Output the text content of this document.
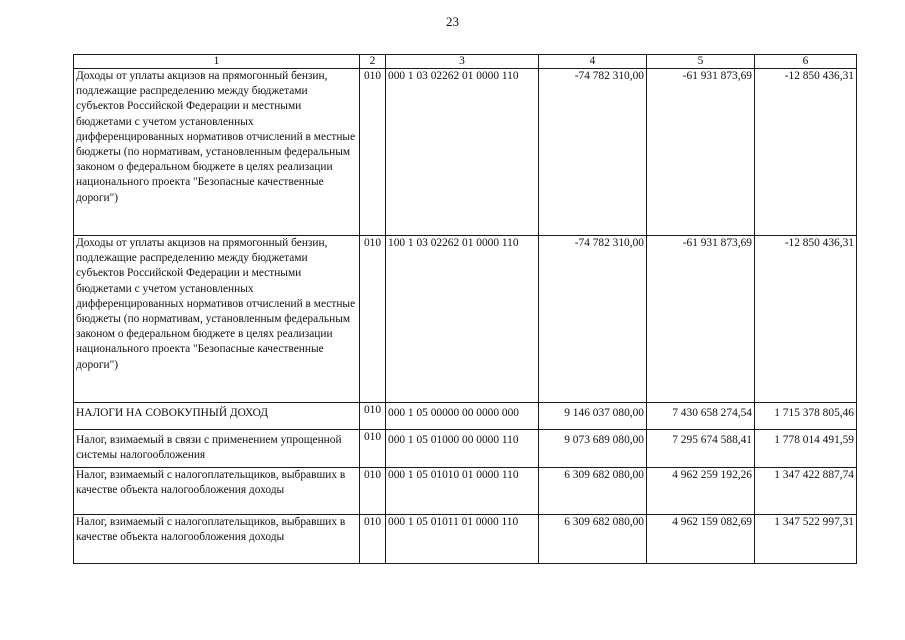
23
1	2	3	4	5	6
Доходы от уплаты акцизов на прямогонный бензин, подлежащие распределению между бюджетами субъектов Российской Федерации и местными бюджетами с учетом установленных дифференцированных нормативов отчислений в местные бюджеты (по нормативам, установленным федеральным законом о федеральном бюджете в целях реализации национального проекта "Безопасные качественные дороги")	010	000 1 03 02262 01 0000 110	-74 782 310,00	-61 931 873,69	-12 850 436,31
Доходы от уплаты акцизов на прямогонный бензин, подлежащие распределению между бюджетами субъектов Российской Федерации и местными бюджетами с учетом установленных дифференцированных нормативов отчислений в местные бюджеты (по нормативам, установленным федеральным законом о федеральном бюджете в целях реализации национального проекта "Безопасные качественные дороги")	010	100 1 03 02262 01 0000 110	-74 782 310,00	-61 931 873,69	-12 850 436,31
НАЛОГИ НА СОВОКУПНЫЙ ДОХОД	010	000 1 05 00000 00 0000 000	9 146 037 080,00	7 430 658 274,54	1 715 378 805,46
Налог, взимаемый в связи с применением упрощенной системы налогообложения	010	000 1 05 01000 00 0000 110	9 073 689 080,00	7 295 674 588,41	1 778 014 491,59
Налог, взимаемый с налогоплательщиков, выбравших в качестве объекта налогообложения доходы	010	000 1 05 01010 01 0000 110	6 309 682 080,00	4 962 259 192,26	1 347 422 887,74
Налог, взимаемый с налогоплательщиков, выбравших в качестве объекта налогообложения доходы	010	000 1 05 01011 01 0000 110	6 309 682 080,00	4 962 159 082,69	1 347 522 997,31
